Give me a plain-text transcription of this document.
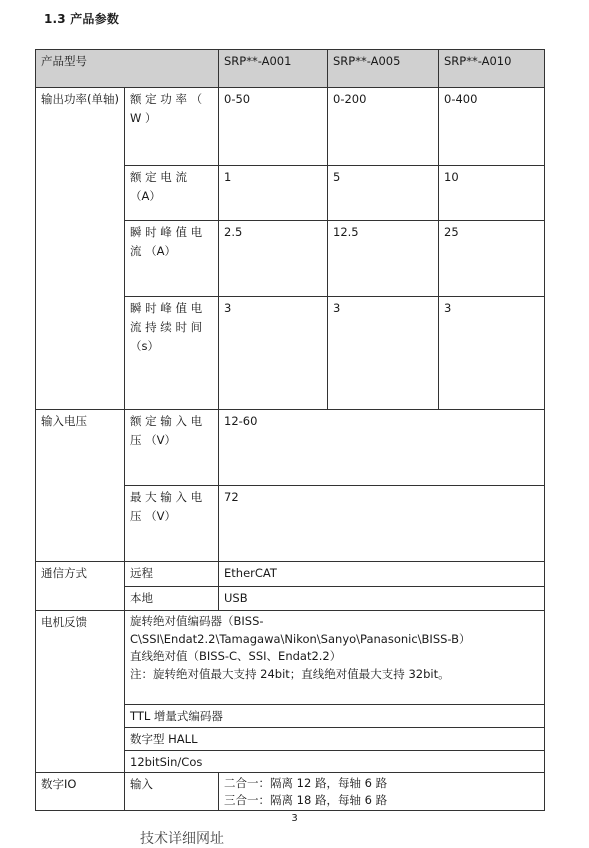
1.3 产品参数
产品型号		SRP**-A001	SRP**-A005	SRP**-A010
输出功率(单轴)	额 定 功 率 （ W ）	0-50	0-200	0-400
	额 定 电 流 （A）	1	5	10
	瞬 时 峰 值 电 流 （A）	2.5	12.5	25
	瞬 时 峰 值 电 流 持 续 时 间 （s）	3	3	3
输入电压	额 定 输 入 电 压 （V）	12-60		
	最 大 输 入 电 压 （V）	72		
通信方式	远程	EtherCAT		
	本地	USB		
电机反馈	旋转绝对值编码器（BISS-C\SSI\Endat2.2\Tamagawa\Nikon\Sanyo\Panasonic\BISS-B）
直线绝对值（BISS-C、SSI、Endat2.2）
注：旋转绝对值最大支持 24bit；直线绝对值最大支持 32bit。			

	TTL 增量式编码器			
	数字型 HALL			
	12bitSin/Cos			
数字IO	输入	二合一：隔离 12 路，每轴 6 路
三合一：隔离 18 路，每轴 6 路		
3
技术详细网址
